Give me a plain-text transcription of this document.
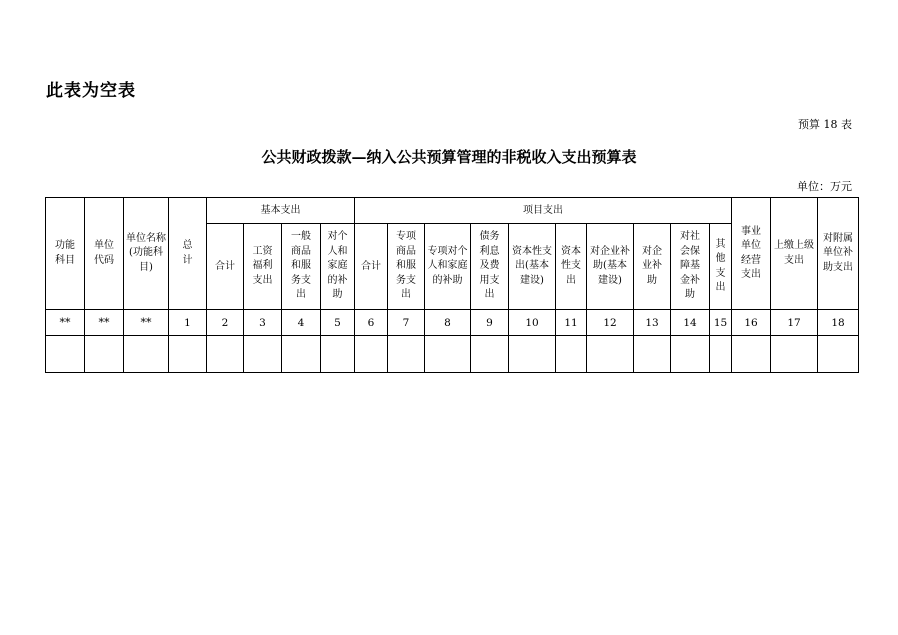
此表为空表
预算 18 表
公共财政拨款—纳入公共预算管理的非税收入支出预算表
单位：万元
功能科目	单位代码	单位名称(功能科目)	总计	基本支出				项目支出										事业单位经营支出	上缴上级支出	对附属单位补助支出
				合计	工资福利支出	一般商品和服务支出	对个人和家庭的补助	合计	专项商品和服务支出	专项对个人和家庭的补助	债务利息及费用支出	资本性支出(基本建设)	资本性支出	对企业补助(基本建设)	对企业补助	对社会保障基金补助	其他支出			
**	**	**	1	2	3	4	5	6	7	8	9	10	11	12	13	14	15	16	17	18
